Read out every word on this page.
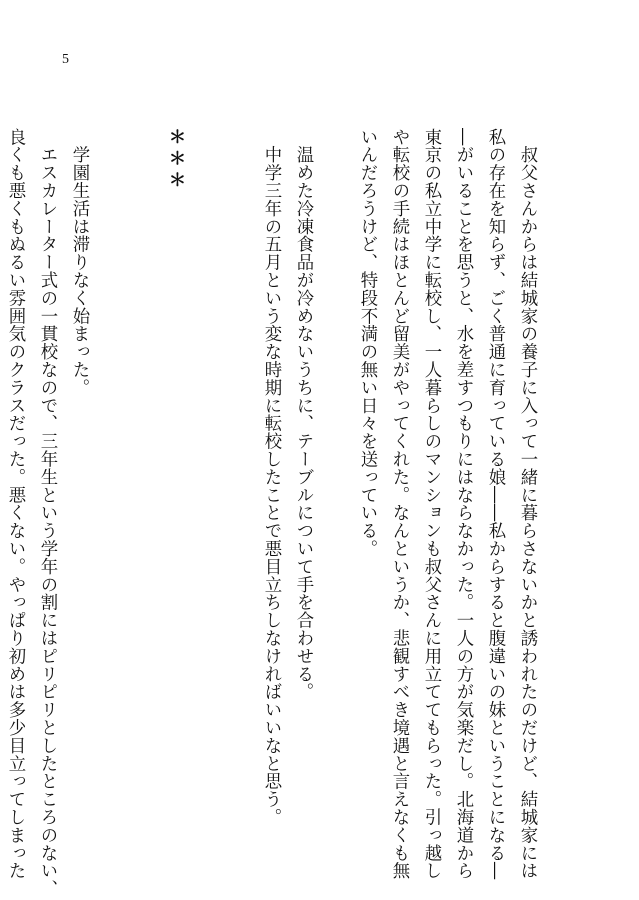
5
　叔父さんからは結城家の養子に入って一緒に暮らさないかと誘われたのだけど、結城家には
私の存在を知らず、ごく普通に育っている娘――私からすると腹違いの妹ということになる―
―がいることを思うと、水を差すつもりにはならなかった。一人の方が気楽だし。北海道から
東京の私立中学に転校し、一人暮らしのマンションも叔父さんに用立ててもらった。引っ越し
や転校の手続はほとんど留美がやってくれた。なんというか、悲観すべき境遇と言えなくも無
いんだろうけど、特段不満の無い日々を送っている。
　温めた冷凍食品が冷めないうちに、テーブルについて手を合わせる。
　中学三年の五月という変な時期に転校したことで悪目立ちしなければいいなと思う。
＊＊＊
　学園生活は滞りなく始まった。
　エスカレーター式の一貫校なので、三年生という学年の割にはピリピリとしたところのない、
良くも悪くもぬるい雰囲気のクラスだった。悪くない。やっぱり初めは多少目立ってしまった
